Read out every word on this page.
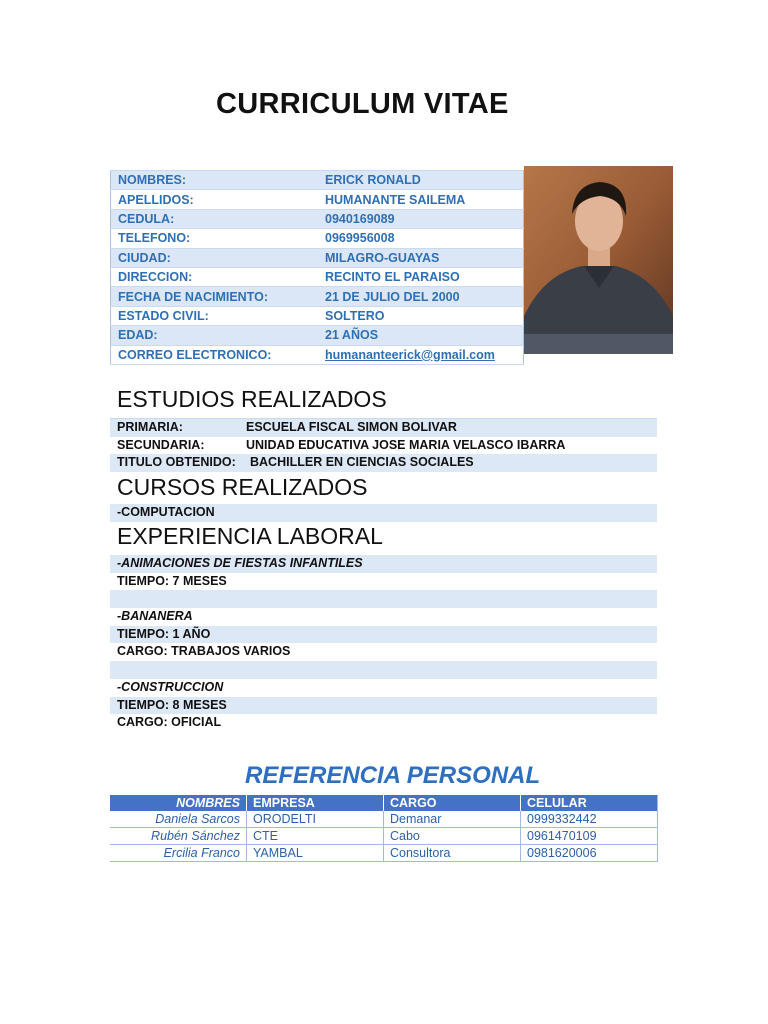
CURRICULUM VITAE
NOMBRES:	ERICK RONALD
APELLIDOS:	HUMANANTE SAILEMA
CEDULA:	0940169089
TELEFONO:	0969956008
CIUDAD:	MILAGRO-GUAYAS
DIRECCION:	RECINTO EL PARAISO
FECHA DE NACIMIENTO:	21 DE JULIO DEL 2000
ESTADO CIVIL:	SOLTERO
EDAD:	21 AÑOS
CORREO ELECTRONICO:	humananteerick@gmail.com
ESTUDIOS REALIZADOS
PRIMARIA:	ESCUELA FISCAL SIMON BOLIVAR
SECUNDARIA:	UNIDAD EDUCATIVA JOSE MARIA VELASCO IBARRA
TITULO OBTENIDO: BACHILLER EN CIENCIAS SOCIALES
CURSOS REALIZADOS
-COMPUTACION
EXPERIENCIA LABORAL
-ANIMACIONES DE FIESTAS INFANTILES
TIEMPO: 7 MESES
-BANANERA
TIEMPO: 1 AÑO
CARGO: TRABAJOS VARIOS
-CONSTRUCCION
TIEMPO: 8 MESES
CARGO: OFICIAL
REFERENCIA PERSONAL
NOMBRES	EMPRESA	CARGO	CELULAR
Daniela Sarcos	ORODELTI	Demanar	0999332442
Rubén Sánchez	CTE	Cabo	0961470109
Ercilia Franco	YAMBAL	Consultora	0981620006
